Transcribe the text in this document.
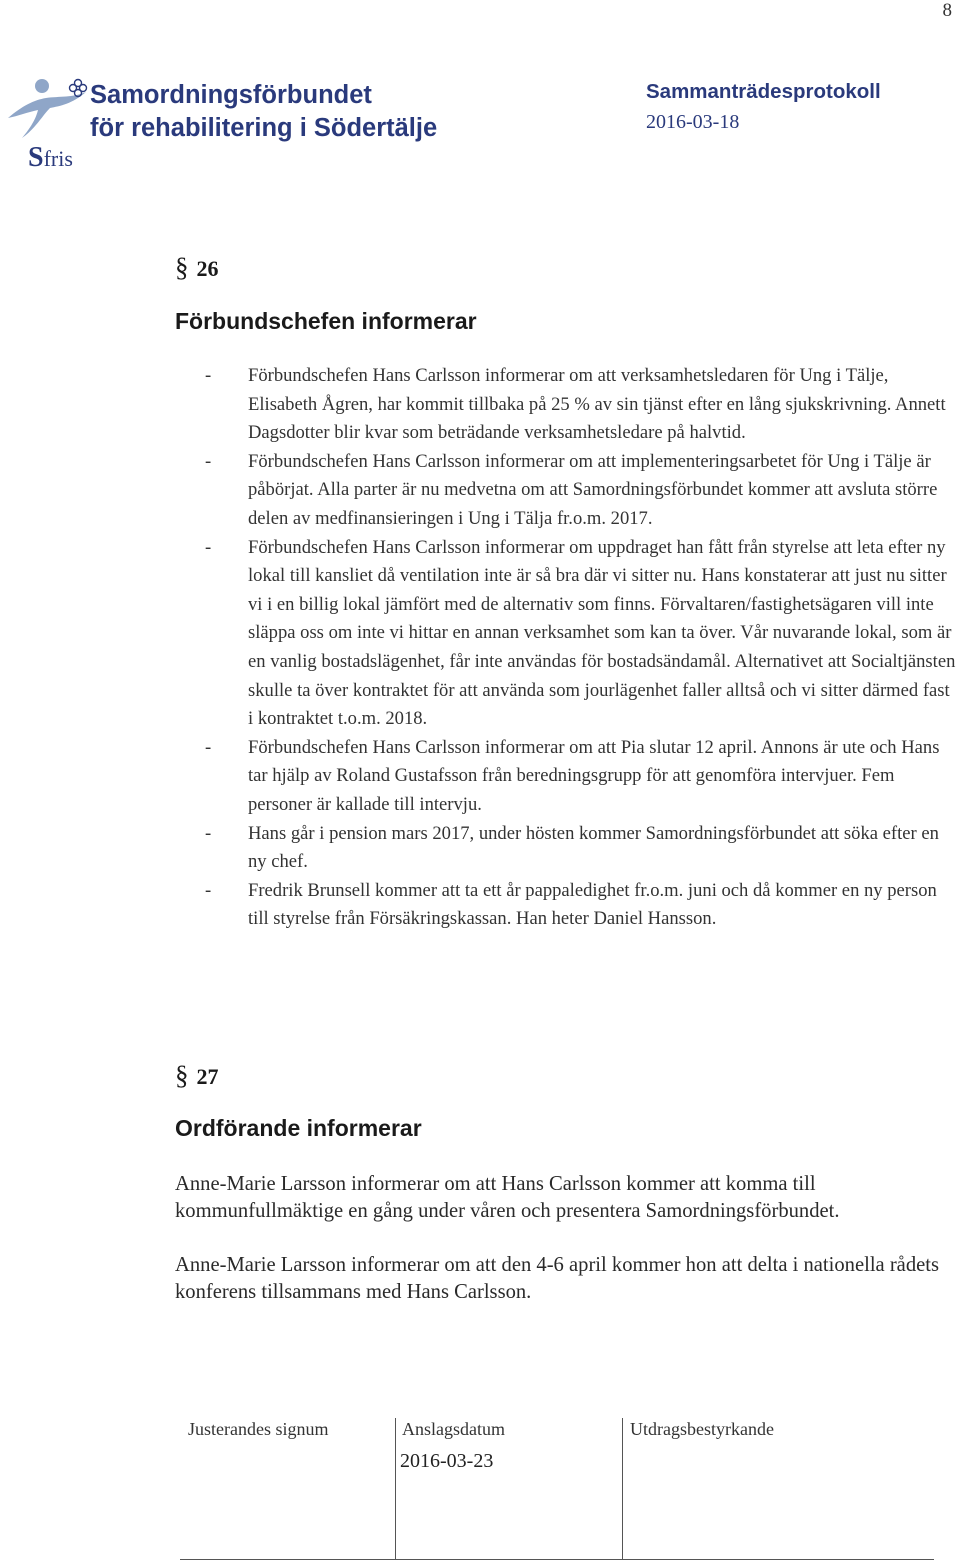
8
Sfris
Samordningsförbundet
för rehabilitering i Södertälje
Sammanträdesprotokoll
2016-03-18
§ 26
Förbundschefen informerar
- Förbundschefen Hans Carlsson informerar om att verksamhetsledaren för Ung i Tälje, Elisabeth Ågren, har kommit tillbaka på 25 % av sin tjänst efter en lång sjukskrivning. Annett Dagsdotter blir kvar som beträdande verksamhetsledare på halvtid.
- Förbundschefen Hans Carlsson informerar om att implementeringsarbetet för Ung i Tälje är påbörjat. Alla parter är nu medvetna om att Samordningsförbundet kommer att avsluta större delen av medfinansieringen i Ung i Tälja fr.o.m. 2017.
- Förbundschefen Hans Carlsson informerar om uppdraget han fått från styrelse att leta efter ny lokal till kansliet då ventilation inte är så bra där vi sitter nu. Hans konstaterar att just nu sitter vi i en billig lokal jämfört med de alternativ som finns. Förvaltaren/fastighetsägaren vill inte släppa oss om inte vi hittar en annan verksamhet som kan ta över. Vår nuvarande lokal, som är en vanlig bostadslägenhet, får inte användas för bostadsändamål. Alternativet att Socialtjänsten skulle ta över kontraktet för att använda som jourlägenhet faller alltså och vi sitter därmed fast i kontraktet t.o.m. 2018.
- Förbundschefen Hans Carlsson informerar om att Pia slutar 12 april. Annons är ute och Hans tar hjälp av Roland Gustafsson från beredningsgrupp för att genomföra intervjuer. Fem personer är kallade till intervju.
- Hans går i pension mars 2017, under hösten kommer Samordningsförbundet att söka efter en ny chef.
- Fredrik Brunsell kommer att ta ett år pappaledighet fr.o.m. juni och då kommer en ny person till styrelse från Försäkringskassan. Han heter Daniel Hansson.
§ 27
Ordförande informerar

Anne-Marie Larsson informerar om att Hans Carlsson kommer att komma till kommunfullmäktige en gång under våren och presentera Samordningsförbundet.

Anne-Marie Larsson informerar om att den 4-6 april kommer hon att delta i nationella rådets konferens tillsammans med Hans Carlsson.

Justerandes signum	Anslagsdatum	Utdragsbestyrkande
2016-03-23
